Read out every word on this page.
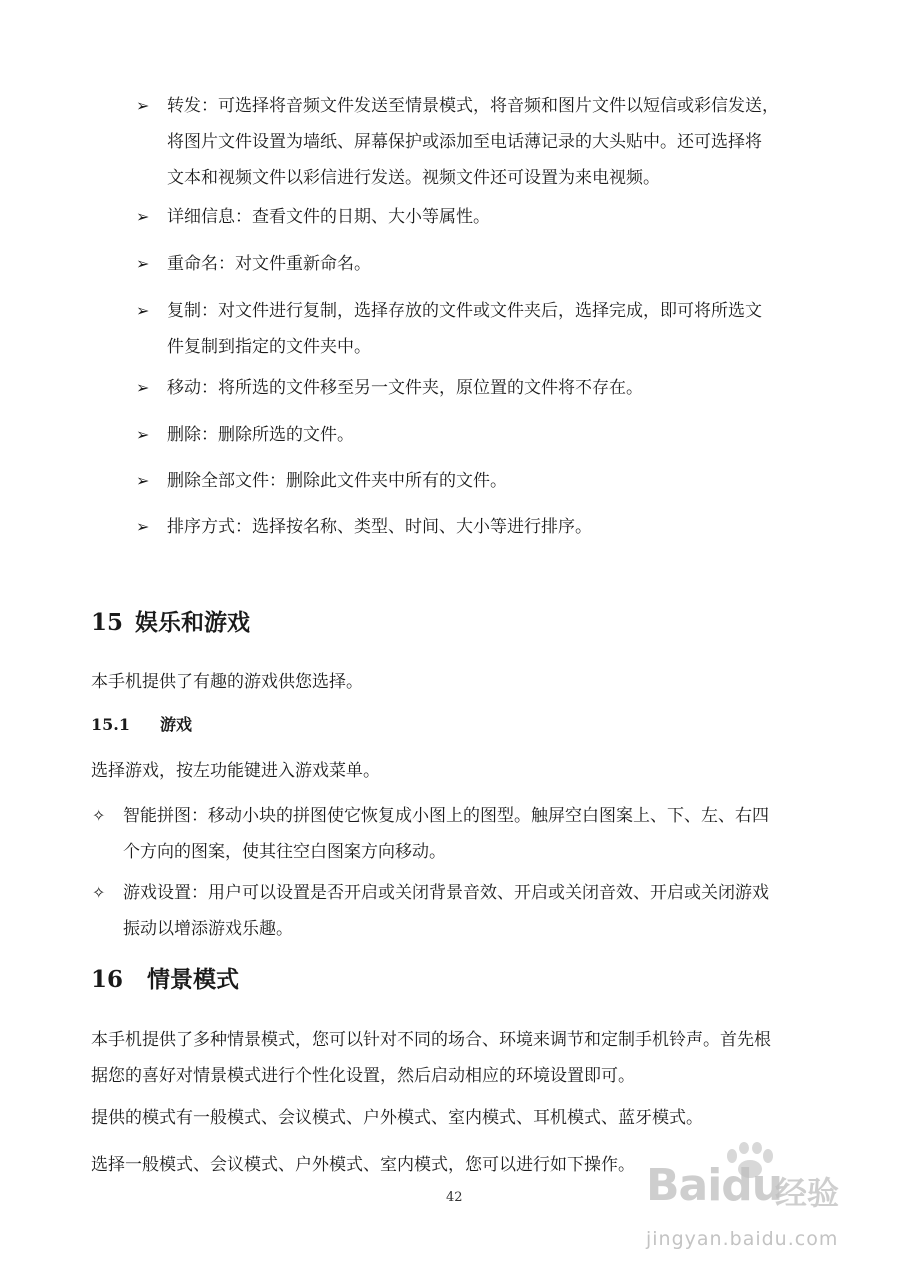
➢ 转发：可选择将音频文件发送至情景模式，将音频和图片文件以短信或彩信发送，
将图片文件设置为墙纸、屏幕保护或添加至电话薄记录的大头贴中。还可选择将
文本和视频文件以彩信进行发送。视频文件还可设置为来电视频。
➢ 详细信息：查看文件的日期、大小等属性。
➢ 重命名：对文件重新命名。
➢ 复制：对文件进行复制，选择存放的文件或文件夹后，选择完成，即可将所选文
件复制到指定的文件夹中。
➢ 移动：将所选的文件移至另一文件夹，原位置的文件将不存在。
➢ 删除：删除所选的文件。
➢ 删除全部文件：删除此文件夹中所有的文件。
➢ 排序方式：选择按名称、类型、时间、大小等进行排序。
15 娱乐和游戏
本手机提供了有趣的游戏供您选择。
15.1 游戏
选择游戏，按左功能键进入游戏菜单。
✧ 智能拼图：移动小块的拼图使它恢复成小图上的图型。触屏空白图案上、下、左、右四
个方向的图案，使其往空白图案方向移动。
✧ 游戏设置：用户可以设置是否开启或关闭背景音效、开启或关闭音效、开启或关闭游戏
振动以增添游戏乐趣。
16 情景模式
本手机提供了多种情景模式，您可以针对不同的场合、环境来调节和定制手机铃声。首先根
据您的喜好对情景模式进行个性化设置，然后启动相应的环境设置即可。
提供的模式有一般模式、会议模式、户外模式、室内模式、耳机模式、蓝牙模式。
选择一般模式、会议模式、户外模式、室内模式，您可以进行如下操作。
42	Baidu
经验
jingyan.baidu.com
